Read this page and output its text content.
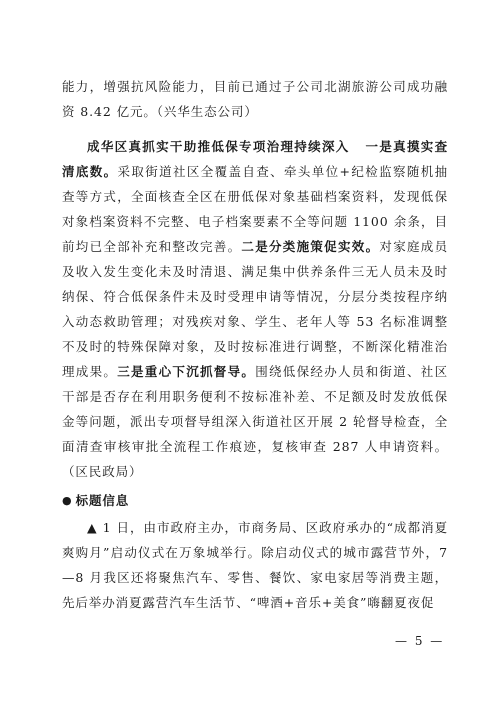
能力，增强抗风险能力，目前已通过子公司北湖旅游公司成功融资 8.42 亿元。（兴华生态公司）

成华区真抓实干助推低保专项治理持续深入 一是真摸实查清底数。采取街道社区全覆盖自查、牵头单位+纪检监察随机抽查等方式，全面核查全区在册低保对象基础档案资料，发现低保对象档案资料不完整、电子档案要素不全等问题 1100 余条，目前均已全部补充和整改完善。二是分类施策促实效。对家庭成员及收入发生变化未及时清退、满足集中供养条件三无人员未及时纳保、符合低保条件未及时受理申请等情况，分层分类按程序纳入动态救助管理；对残疾对象、学生、老年人等 53 名标准调整不及时的特殊保障对象，及时按标准进行调整，不断深化精准治理成果。三是重心下沉抓督导。围绕低保经办人员和街道、社区干部是否存在利用职务便利不按标准补差、不足额及时发放低保金等问题，派出专项督导组深入街道社区开展 2 轮督导检查，全面清查审核审批全流程工作痕迹，复核审查 287 人申请资料。（区民政局）

● 标题信息

▲ 1 日，由市政府主办，市商务局、区政府承办的“成都消夏爽购月”启动仪式在万象城举行。除启动仪式的城市露营节外，7—8 月我区还将聚焦汽车、零售、餐饮、家电家居等消费主题，先后举办消夏露营汽车生活节、“啤酒+音乐+美食”嗨翻夏夜促

— 5 —
